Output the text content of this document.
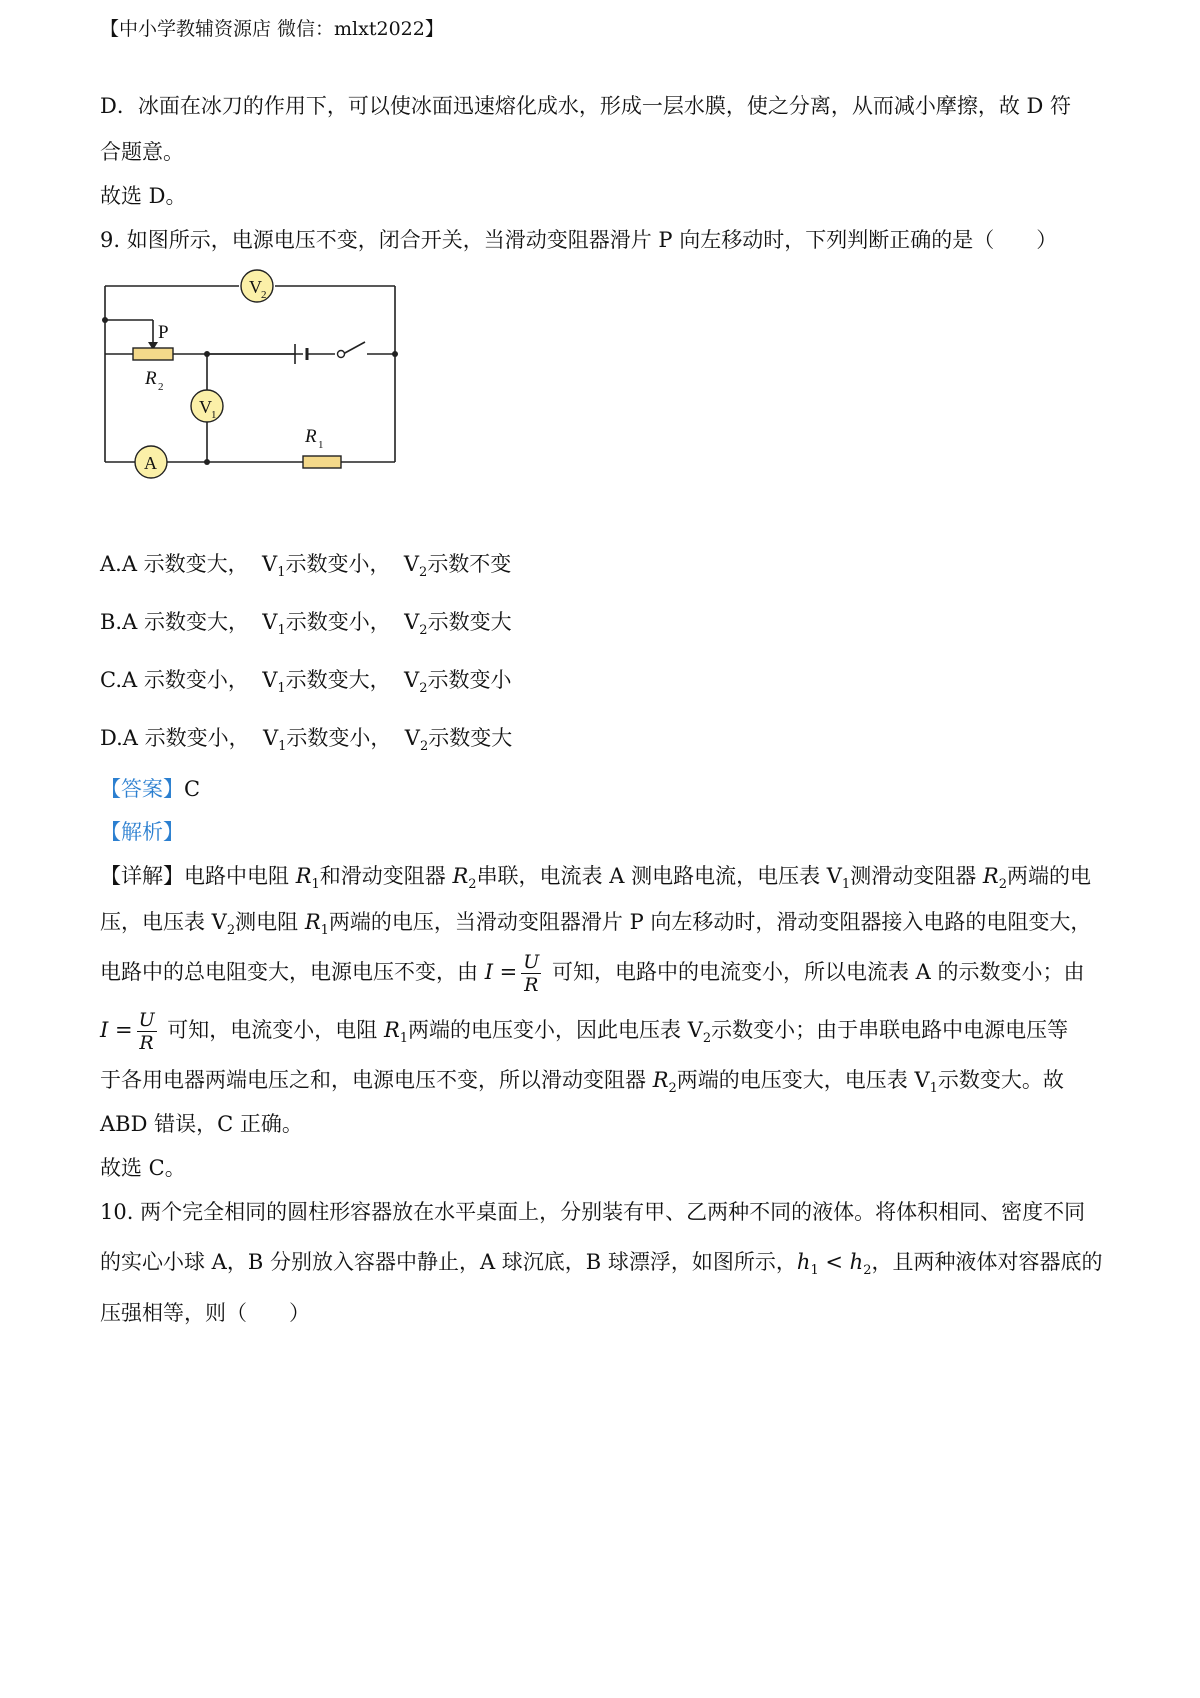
【中小学教辅资源店 微信：mlxt2022】
D．冰面在冰刀的作用下，可以使冰面迅速熔化成水，形成一层水膜，使之分离，从而减小摩擦，故 D 符
合题意。
故选 D。
9. 如图所示，电源电压不变，闭合开关，当滑动变阻器滑片 P 向左移动时，下列判断正确的是（　　）
V 2
V 1
A
P
R 2
R 1
A.A 示数变大，  $V_1$示数变小，  $V_2$示数不变
B.A 示数变大，  $V_1$示数变小，  $V_2$示数变大
C.A 示数变小，  $V_1$示数变大，  $V_2$示数变小
D.A 示数变小，  $V_1$示数变小，  $V_2$示数变大
【答案】C
【解析】
【详解】电路中电阻 $R_1$和滑动变阻器 $R_2$串联，电流表 A 测电路电流，电压表 $V_1$测滑动变阻器 $R_2$两端的电
压，电压表 $V_2$测电阻 $R_1$两端的电压，当滑动变阻器滑片 P 向左移动时，滑动变阻器接入电路的电阻变大，
电路中的总电阻变大，电源电压不变，由 $I = \frac{U}{R}$ 可知，电路中的电流变小，所以电流表 A 的示数变小；由
$I = \frac{U}{R}$ 可知，电流变小，电阻 $R_1$两端的电压变小，因此电压表 $V_2$示数变小；由于串联电路中电源电压等
于各用电器两端电压之和，电源电压不变，所以滑动变阻器 $R_2$两端的电压变大，电压表 $V_1$示数变大。故
ABD 错误，C 正确。
故选 C。
10. 两个完全相同的圆柱形容器放在水平桌面上，分别装有甲、乙两种不同的液体。将体积相同、密度不同
的实心小球 A，B 分别放入容器中静止，A 球沉底，B 球漂浮，如图所示，$h_1 < h_2$，且两种液体对容器底的
压强相等，则（　　）
